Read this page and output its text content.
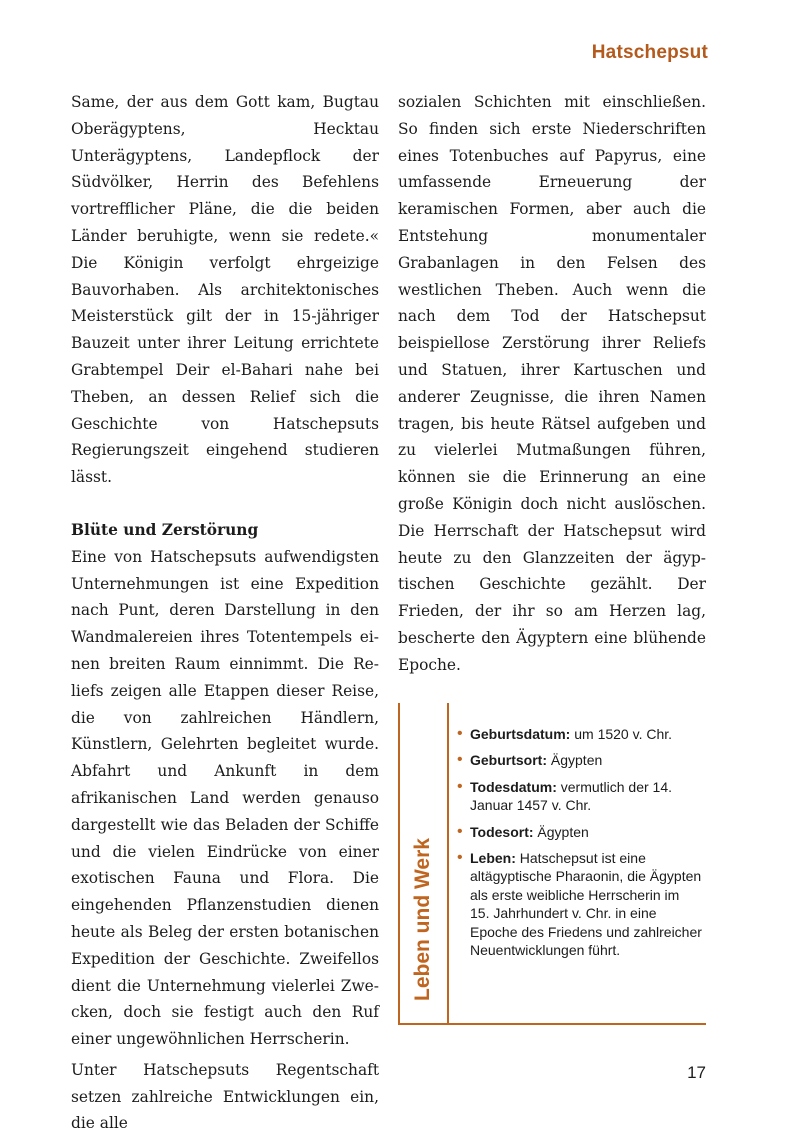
Hatschepsut

Same, der aus dem Gott kam, Bugtau Oberägyptens, Hecktau Unterägyptens, Landepflock der Südvölker, Herrin des Befehlens vortrefflicher Pläne, die die beiden Länder beruhigte, wenn sie redete.« Die Königin verfolgt ehrgeizige Bauvorhaben. Als architektonisches Meisterstück gilt der in 15-jähriger Bauzeit unter ihrer Leitung errichtete Grabtempel Deir el-Bahari nahe bei Theben, an dessen Relief sich die Geschichte von Hatschepsuts Regierungszeit eingehend studieren lässt.

Blüte und Zerstörung

Eine von Hatschepsuts aufwendigsten Unternehmungen ist eine Expedition nach Punt, deren Darstellung in den Wandmalereien ihres Totentempels einen breiten Raum einnimmt. Die Reliefs zeigen alle Etappen dieser Reise, die von zahlreichen Händlern, Künstlern, Gelehrten begleitet wurde. Abfahrt und Ankunft in dem afrikanischen Land werden genauso dargestellt wie das Beladen der Schiffe und die vielen Eindrücke von einer exotischen Fauna und Flora. Die eingehenden Pflanzenstudien dienen heute als Beleg der ersten botanischen Expedition der Geschichte. Zweifellos dient die Unternehmung vielerlei Zwecken, doch sie festigt auch den Ruf einer ungewöhnlichen Herrscherin.

Unter Hatschepsuts Regentschaft setzen zahlreiche Entwicklungen ein, die alle

sozialen Schichten mit einschließen. So finden sich erste Niederschriften eines Totenbuches auf Papyrus, eine umfassende Erneuerung der keramischen Formen, aber auch die Entstehung monumentaler Grabanlagen in den Felsen des westlichen Theben. Auch wenn die nach dem Tod der Hatschepsut beispiellose Zerstörung ihrer Reliefs und Statuen, ihrer Kartuschen und anderer Zeugnisse, die ihren Namen tragen, bis heute Rätsel aufgeben und zu vielerlei Mutmaßungen führen, können sie die Erinnerung an eine große Königin doch nicht auslöschen. Die Herrschaft der Hatschepsut wird heute zu den Glanzzeiten der ägyptischen Geschichte gezählt. Der Frieden, der ihr so am Herzen lag, bescherte den Ägyptern eine blühende Epoche.

Leben und Werk
• Geburtsdatum: um 1520 v. Chr.
• Geburtsort: Ägypten
• Todesdatum: vermutlich der 14. Januar 1457 v. Chr.
• Todesort: Ägypten
• Leben: Hatschepsut ist eine altägyptische Pharaonin, die Ägypten als erste weibliche Herrscherin im 15. Jahrhundert v. Chr. in eine Epoche des Friedens und zahlreicher Neuentwicklungen führt.
17
